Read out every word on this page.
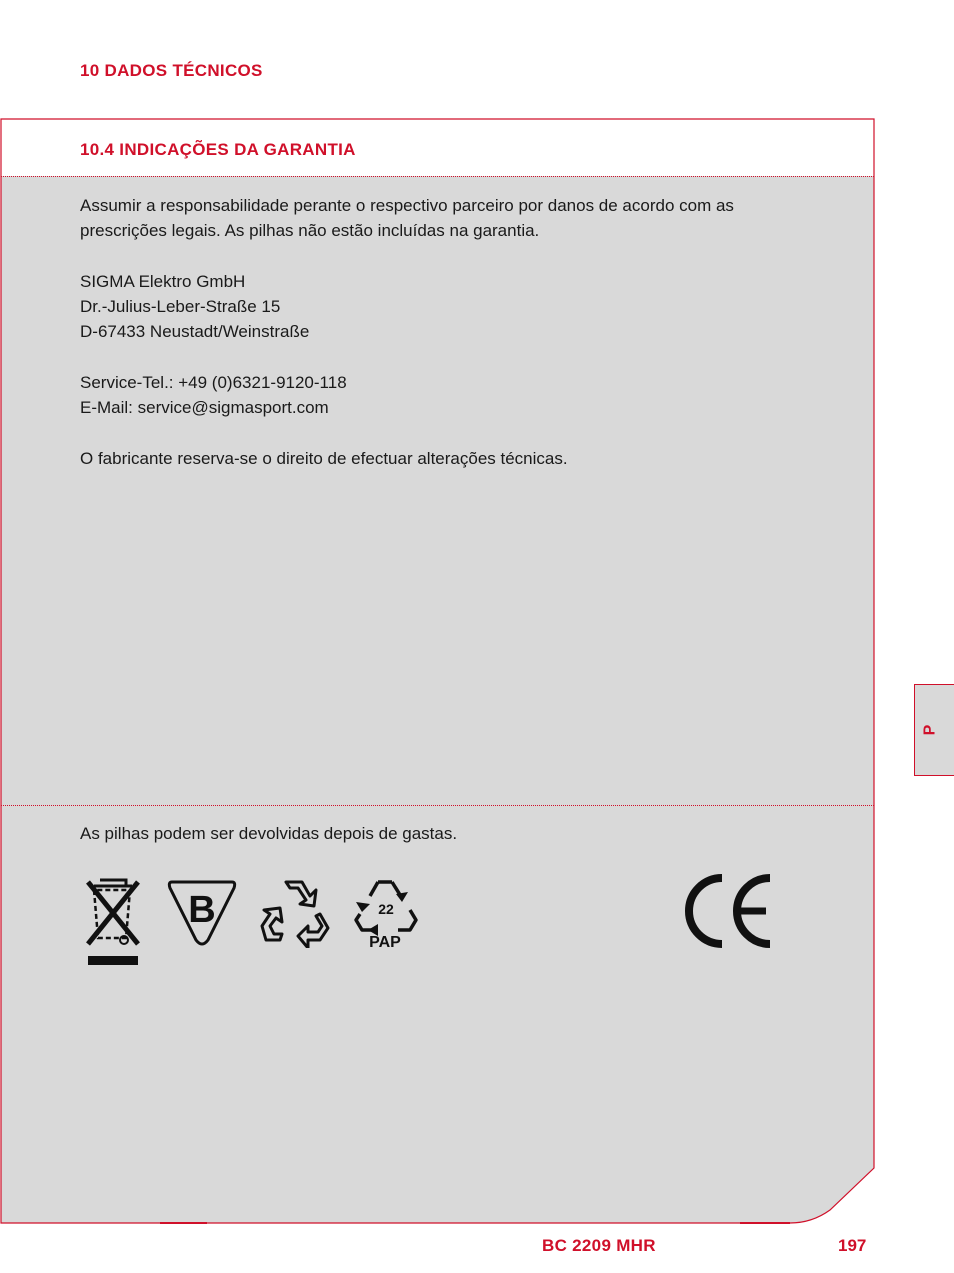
10 DADOS TÉCNICOS
10.4 INDICAÇÕES DA GARANTIA

Assumir a responsabilidade perante o respectivo parceiro por danos de acordo com as

prescrições legais. As pilhas não estão incluídas na garantia.

SIGMA Elektro GmbH

Dr.-Julius-Leber-Straße 15

D-67433 Neustadt/Weinstraße

Service-Tel.: +49 (0)6321-9120-118

E-Mail: service@sigmasport.com

O fabricante reserva-se o direito de efectuar alterações técnicas.

As pilhas podem ser devolvidas depois de gastas.
B	22
PAP
P
BC 2209 MHR	197
